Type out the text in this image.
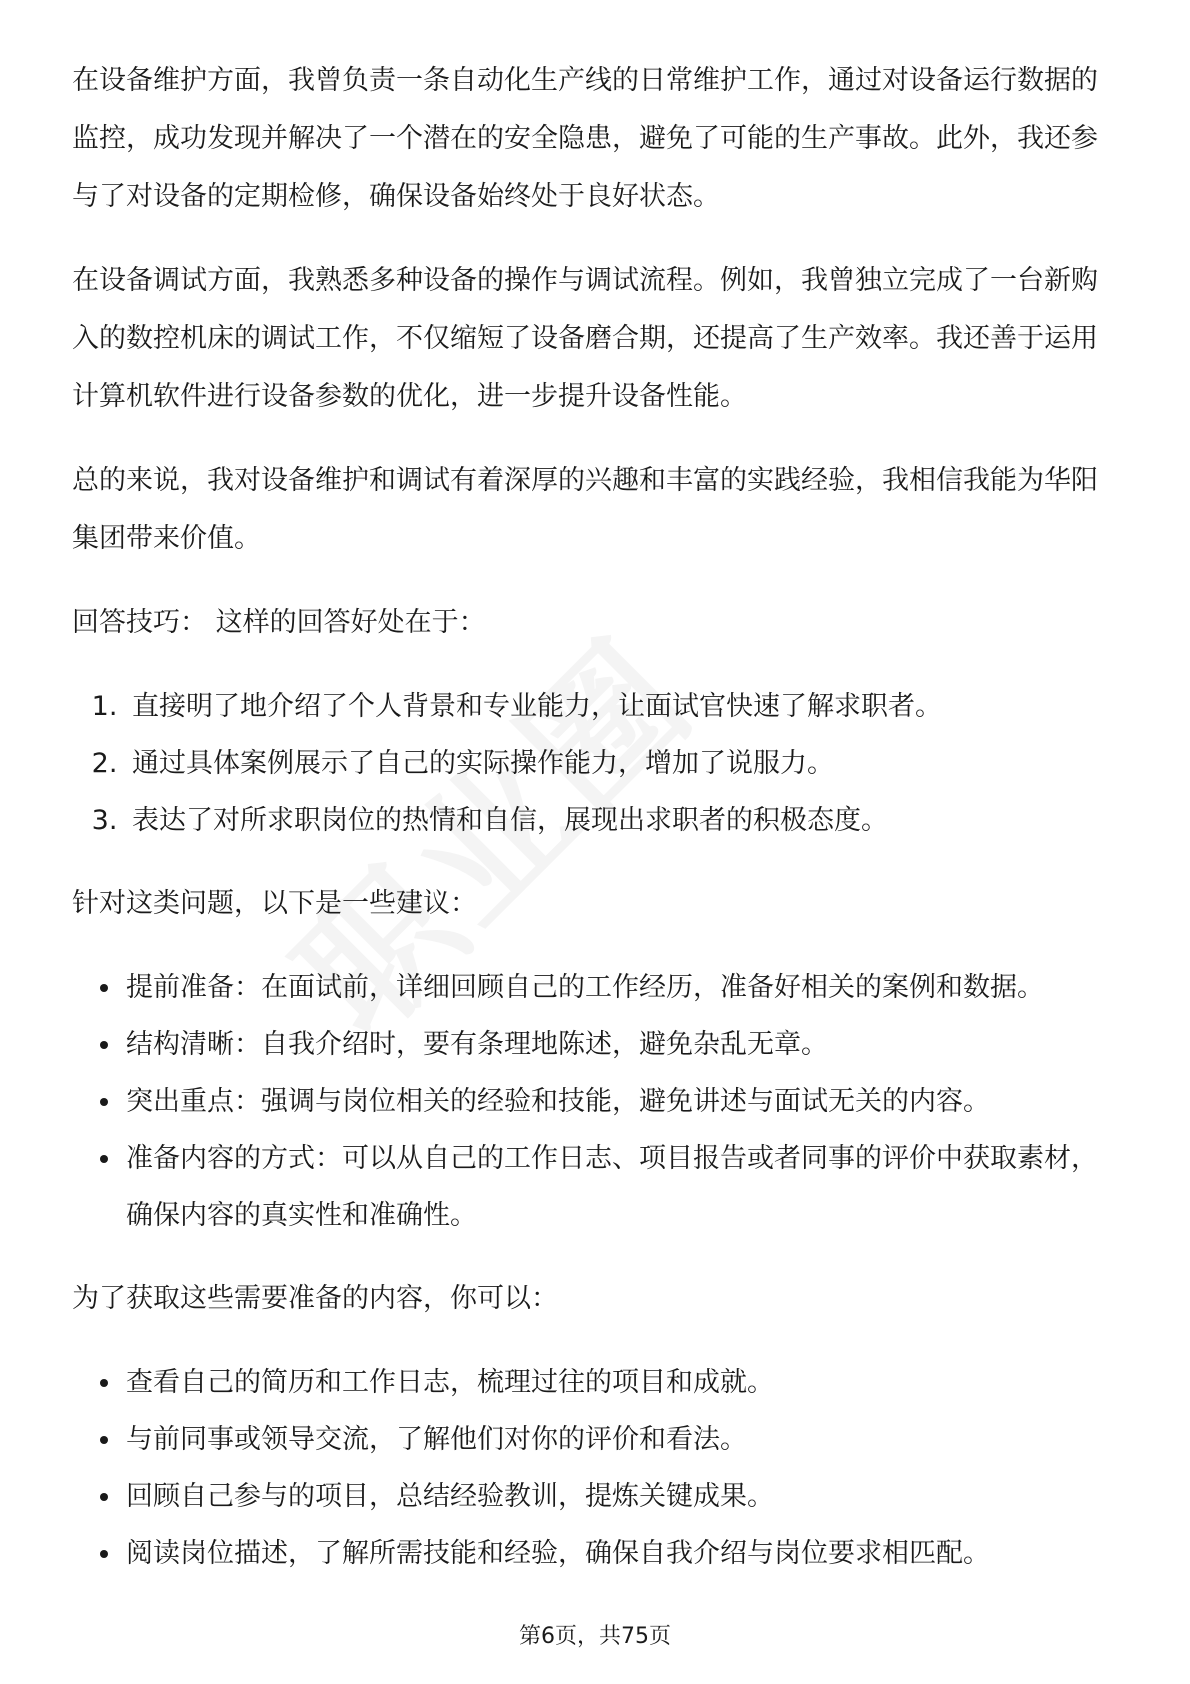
在设备维护方面，我曾负责一条自动化生产线的日常维护工作，通过对设备运行数据的监控，成功发现并解决了一个潜在的安全隐患，避免了可能的生产事故。此外，我还参与了对设备的定期检修，确保设备始终处于良好状态。

在设备调试方面，我熟悉多种设备的操作与调试流程。例如，我曾独立完成了一台新购入的数控机床的调试工作，不仅缩短了设备磨合期，还提高了生产效率。我还善于运用计算机软件进行设备参数的优化，进一步提升设备性能。

总的来说，我对设备维护和调试有着深厚的兴趣和丰富的实践经验，我相信我能为华阳集团带来价值。

回答技巧： 这样的回答好处在于：

1. 直接明了地介绍了个人背景和专业能力，让面试官快速了解求职者。
2. 通过具体案例展示了自己的实际操作能力，增加了说服力。
3. 表达了对所求职岗位的热情和自信，展现出求职者的积极态度。

针对这类问题，以下是一些建议：

提前准备：在面试前，详细回顾自己的工作经历，准备好相关的案例和数据。
结构清晰：自我介绍时，要有条理地陈述，避免杂乱无章。
突出重点：强调与岗位相关的经验和技能，避免讲述与面试无关的内容。
准备内容的方式：可以从自己的工作日志、项目报告或者同事的评价中获取素材，确保内容的真实性和准确性。

为了获取这些需要准备的内容，你可以：

查看自己的简历和工作日志，梳理过往的项目和成就。
与前同事或领导交流，了解他们对你的评价和看法。
回顾自己参与的项目，总结经验教训，提炼关键成果。
阅读岗位描述，了解所需技能和经验，确保自我介绍与岗位要求相匹配。
第6页，共75页
